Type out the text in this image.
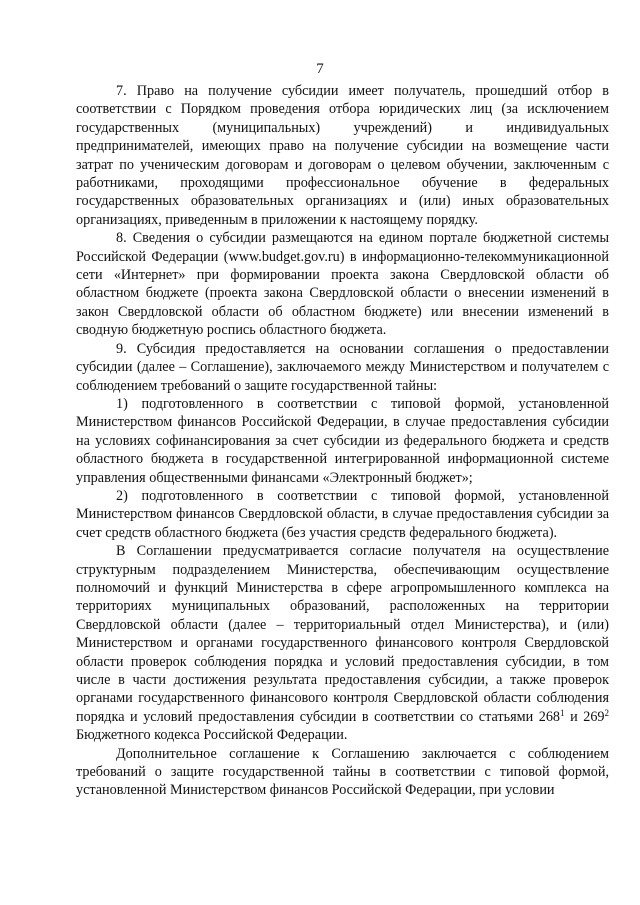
7

7. Право на получение субсидии имеет получатель, прошедший отбор в соответствии с Порядком проведения отбора юридических лиц (за исключением государственных (муниципальных) учреждений) и индивидуальных предпринимателей, имеющих право на получение субсидии на возмещение части затрат по ученическим договорам и договорам о целевом обучении, заключенным с работниками, проходящими профессиональное обучение в федеральных государственных образовательных организациях и (или) иных образовательных организациях, приведенным в приложении к настоящему порядку.

8. Сведения о субсидии размещаются на едином портале бюджетной системы Российской Федерации (www.budget.gov.ru) в информационно-телекоммуникационной сети «Интернет» при формировании проекта закона Свердловской области об областном бюджете (проекта закона Свердловской области о внесении изменений в закон Свердловской области об областном бюджете) или внесении изменений в сводную бюджетную роспись областного бюджета.

9. Субсидия предоставляется на основании соглашения о предоставлении субсидии (далее – Соглашение), заключаемого между Министерством и получателем с соблюдением требований о защите государственной тайны:

1) подготовленного в соответствии с типовой формой, установленной Министерством финансов Российской Федерации, в случае предоставления субсидии на условиях софинансирования за счет субсидии из федерального бюджета и средств областного бюджета в государственной интегрированной информационной системе управления общественными финансами «Электронный бюджет»;

2) подготовленного в соответствии с типовой формой, установленной Министерством финансов Свердловской области, в случае предоставления субсидии за счет средств областного бюджета (без участия средств федерального бюджета).

В Соглашении предусматривается согласие получателя на осуществление структурным подразделением Министерства, обеспечивающим осуществление полномочий и функций Министерства в сфере агропромышленного комплекса на территориях муниципальных образований, расположенных на территории Свердловской области (далее – территориальный отдел Министерства), и (или) Министерством и органами государственного финансового контроля Свердловской области проверок соблюдения порядка и условий предоставления субсидии, в том числе в части достижения результата предоставления субсидии, а также проверок органами государственного финансового контроля Свердловской области соблюдения порядка и условий предоставления субсидии в соответствии со статьями $268^1$ и $269^2$ Бюджетного кодекса Российской Федерации.

Дополнительное соглашение к Соглашению заключается с соблюдением требований о защите государственной тайны в соответствии с типовой формой, установленной Министерством финансов Российской Федерации, при условии
